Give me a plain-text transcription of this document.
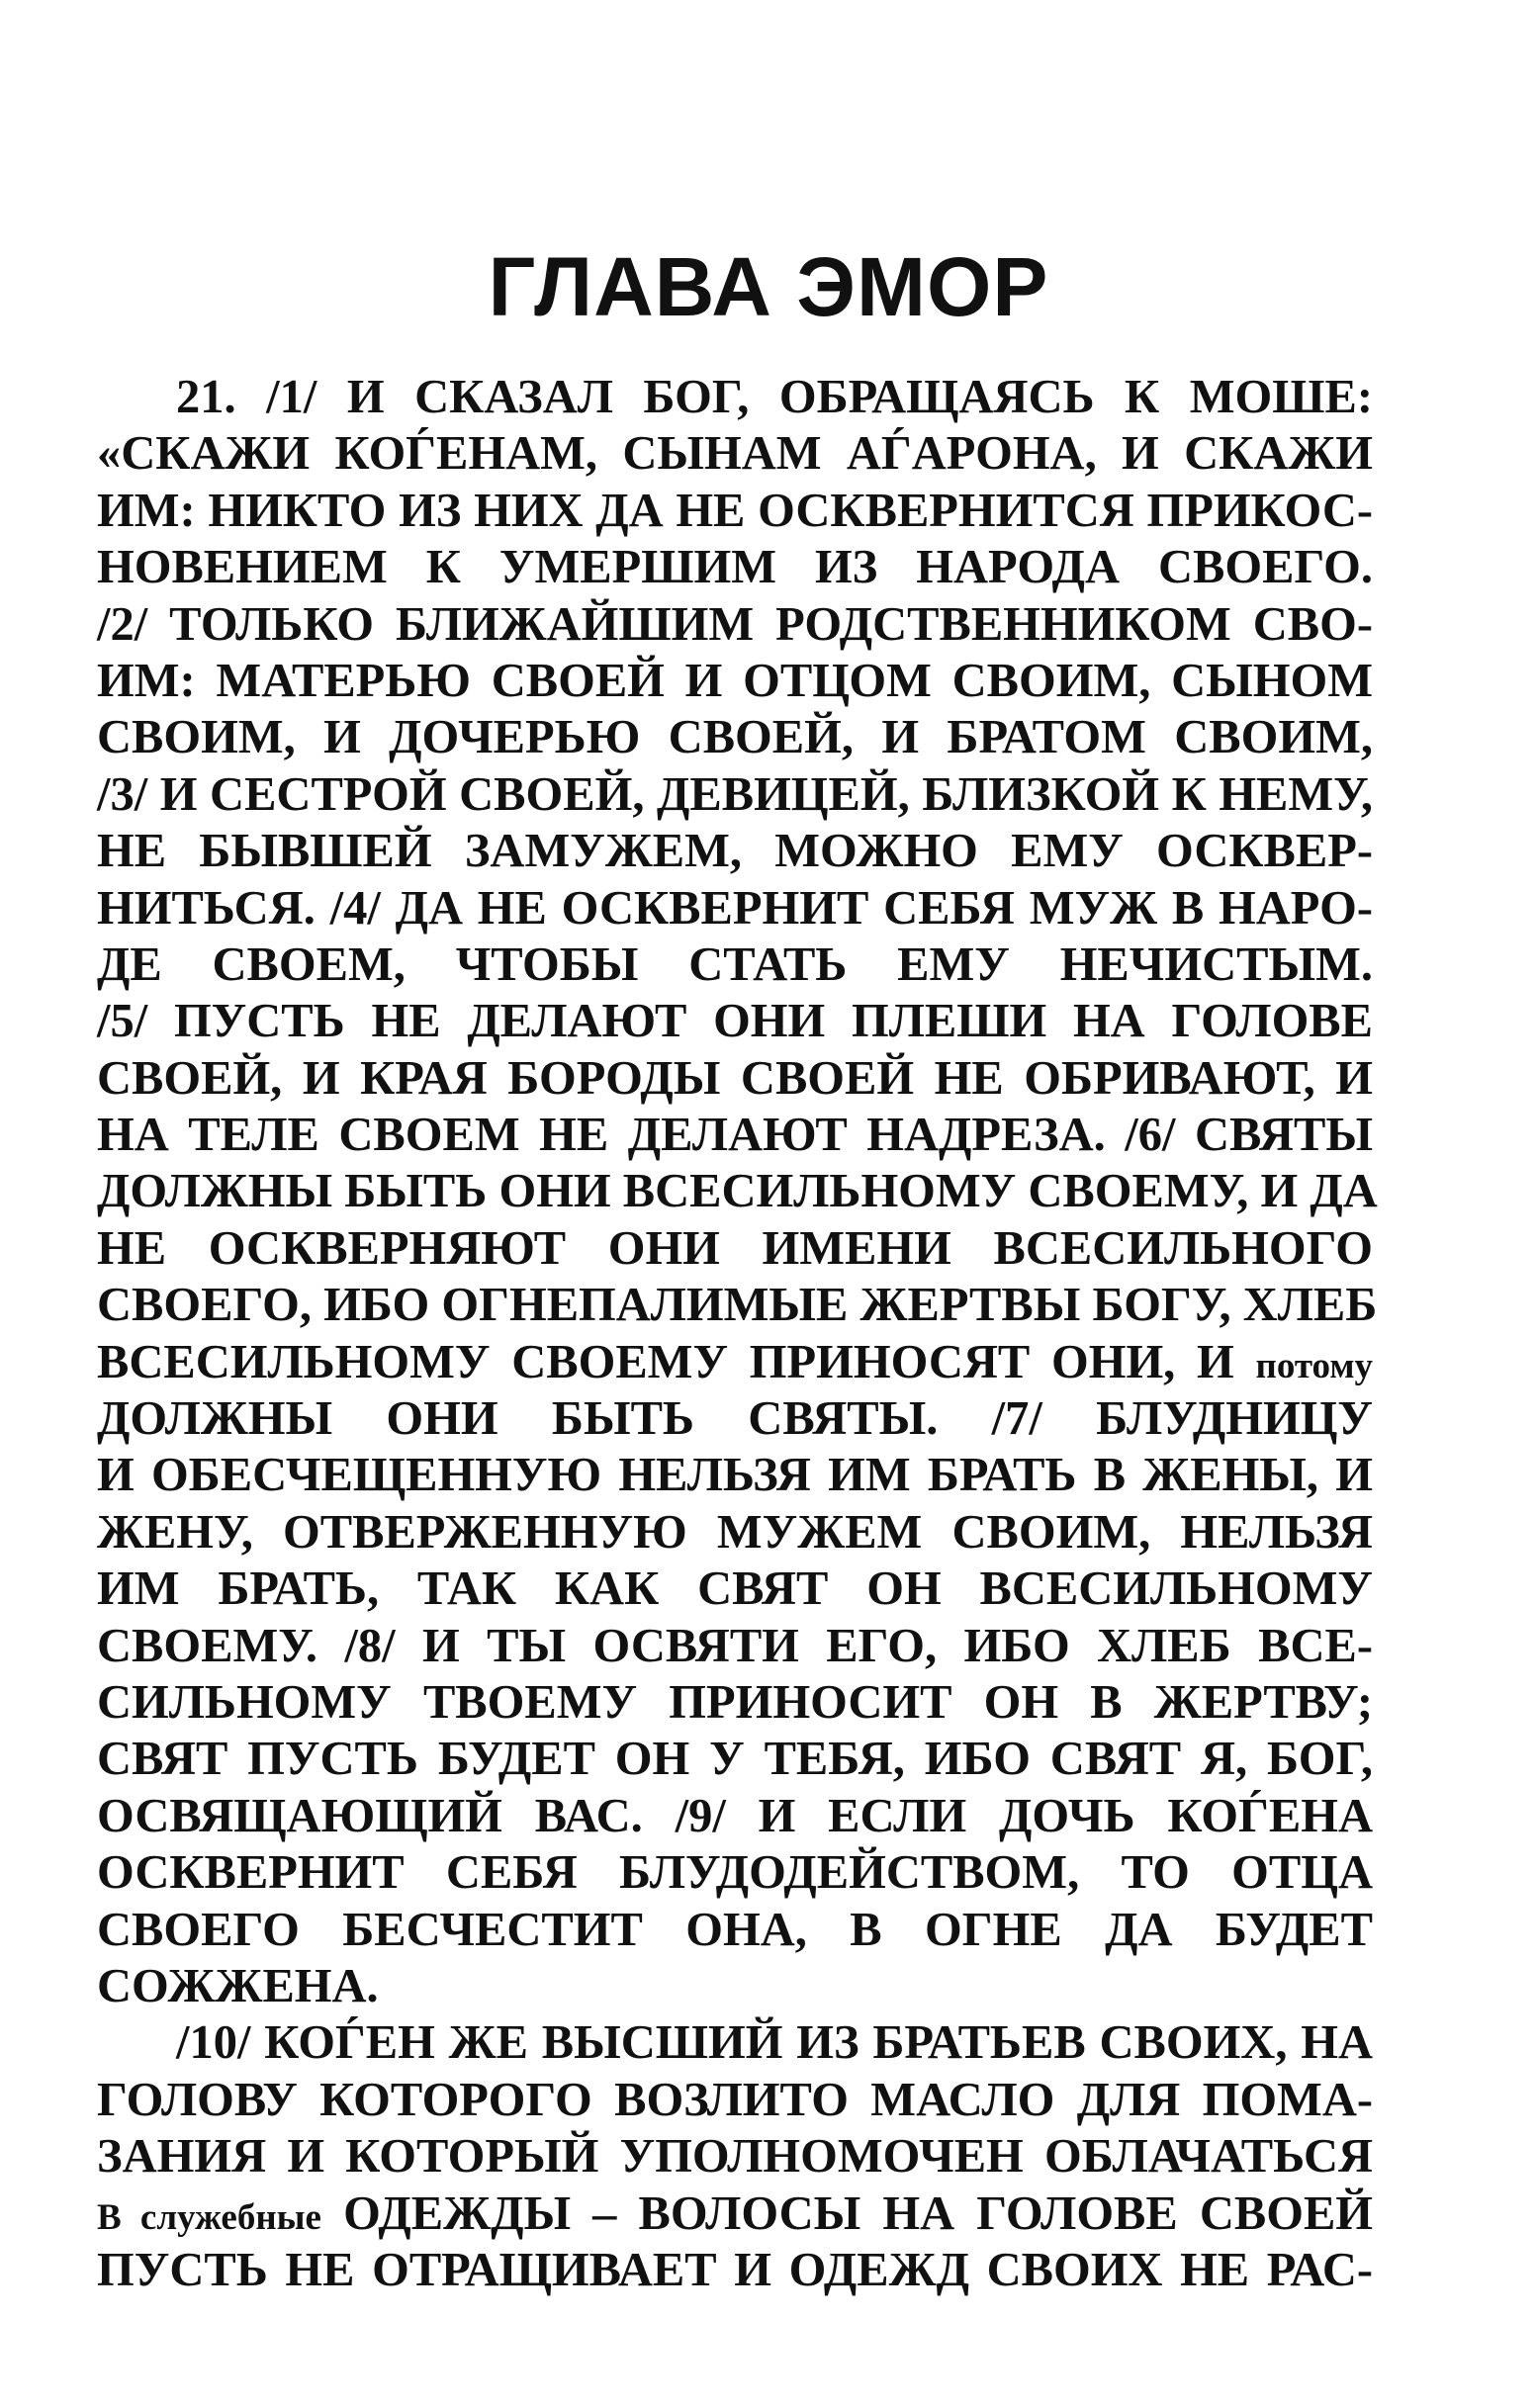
ГЛАВА ЭМОР
21. /1/ И СКАЗАЛ БОГ, ОБРАЩАЯСЬ К МОШЕ:
«СКАЖИ КОЃЕНАМ, СЫНАМ АЃАРОНА, И СКАЖИ
ИМ: НИКТО ИЗ НИХ ДА НЕ ОСКВЕРНИТСЯ ПРИКОС-
НОВЕНИЕМ К УМЕРШИМ ИЗ НАРОДА СВОЕГО.
/2/ ТОЛЬКО БЛИЖАЙШИМ РОДСТВЕННИКОМ СВО-
ИМ: МАТЕРЬЮ СВОЕЙ И ОТЦОМ СВОИМ, СЫНОМ
СВОИМ, И ДОЧЕРЬЮ СВОЕЙ, И БРАТОМ СВОИМ,
/3/ И СЕСТРОЙ СВОЕЙ, ДЕВИЦЕЙ, БЛИЗКОЙ К НЕМУ,
НЕ БЫВШЕЙ ЗАМУЖЕМ, МОЖНО ЕМУ ОСКВЕР-
НИТЬСЯ. /4/ ДА НЕ ОСКВЕРНИТ СЕБЯ МУЖ В НАРО-
ДЕ СВОЕМ, ЧТОБЫ СТАТЬ ЕМУ НЕЧИСТЫМ.
/5/ ПУСТЬ НЕ ДЕЛАЮТ ОНИ ПЛЕШИ НА ГОЛОВЕ
СВОЕЙ, И КРАЯ БОРОДЫ СВОЕЙ НЕ ОБРИВАЮТ, И
НА ТЕЛЕ СВОЕМ НЕ ДЕЛАЮТ НАДРЕЗА. /6/ СВЯТЫ
ДОЛЖНЫ БЫТЬ ОНИ ВСЕСИЛЬНОМУ СВОЕМУ, И ДА
НЕ ОСКВЕРНЯЮТ ОНИ ИМЕНИ ВСЕСИЛЬНОГО
СВОЕГО, ИБО ОГНЕПАЛИМЫЕ ЖЕРТВЫ БОГУ, ХЛЕБ
ВСЕСИЛЬНОМУ СВОЕМУ ПРИНОСЯТ ОНИ, И потому
ДОЛЖНЫ ОНИ БЫТЬ СВЯТЫ. /7/ БЛУДНИЦУ
И ОБЕСЧЕЩЕННУЮ НЕЛЬЗЯ ИМ БРАТЬ В ЖЕНЫ, И
ЖЕНУ, ОТВЕРЖЕННУЮ МУЖЕМ СВОИМ, НЕЛЬЗЯ
ИМ БРАТЬ, ТАК КАК СВЯТ ОН ВСЕСИЛЬНОМУ
СВОЕМУ. /8/ И ТЫ ОСВЯТИ ЕГО, ИБО ХЛЕБ ВСЕ-
СИЛЬНОМУ ТВОЕМУ ПРИНОСИТ ОН В ЖЕРТВУ;
СВЯТ ПУСТЬ БУДЕТ ОН У ТЕБЯ, ИБО СВЯТ Я, БОГ,
ОСВЯЩАЮЩИЙ ВАС. /9/ И ЕСЛИ ДОЧЬ КОЃЕНА
ОСКВЕРНИТ СЕБЯ БЛУДОДЕЙСТВОМ, ТО ОТЦА
СВОЕГО БЕСЧЕСТИТ ОНА, В ОГНЕ ДА БУДЕТ
СОЖЖЕНА.
/10/ КОЃЕН ЖЕ ВЫСШИЙ ИЗ БРАТЬЕВ СВОИХ, НА
ГОЛОВУ КОТОРОГО ВОЗЛИТО МАСЛО ДЛЯ ПОМА-
ЗАНИЯ И КОТОРЫЙ УПОЛНОМОЧЕН ОБЛАЧАТЬСЯ
В служебные ОДЕЖДЫ – ВОЛОСЫ НА ГОЛОВЕ СВОЕЙ
ПУСТЬ НЕ ОТРАЩИВАЕТ И ОДЕЖД СВОИХ НЕ РАС-
